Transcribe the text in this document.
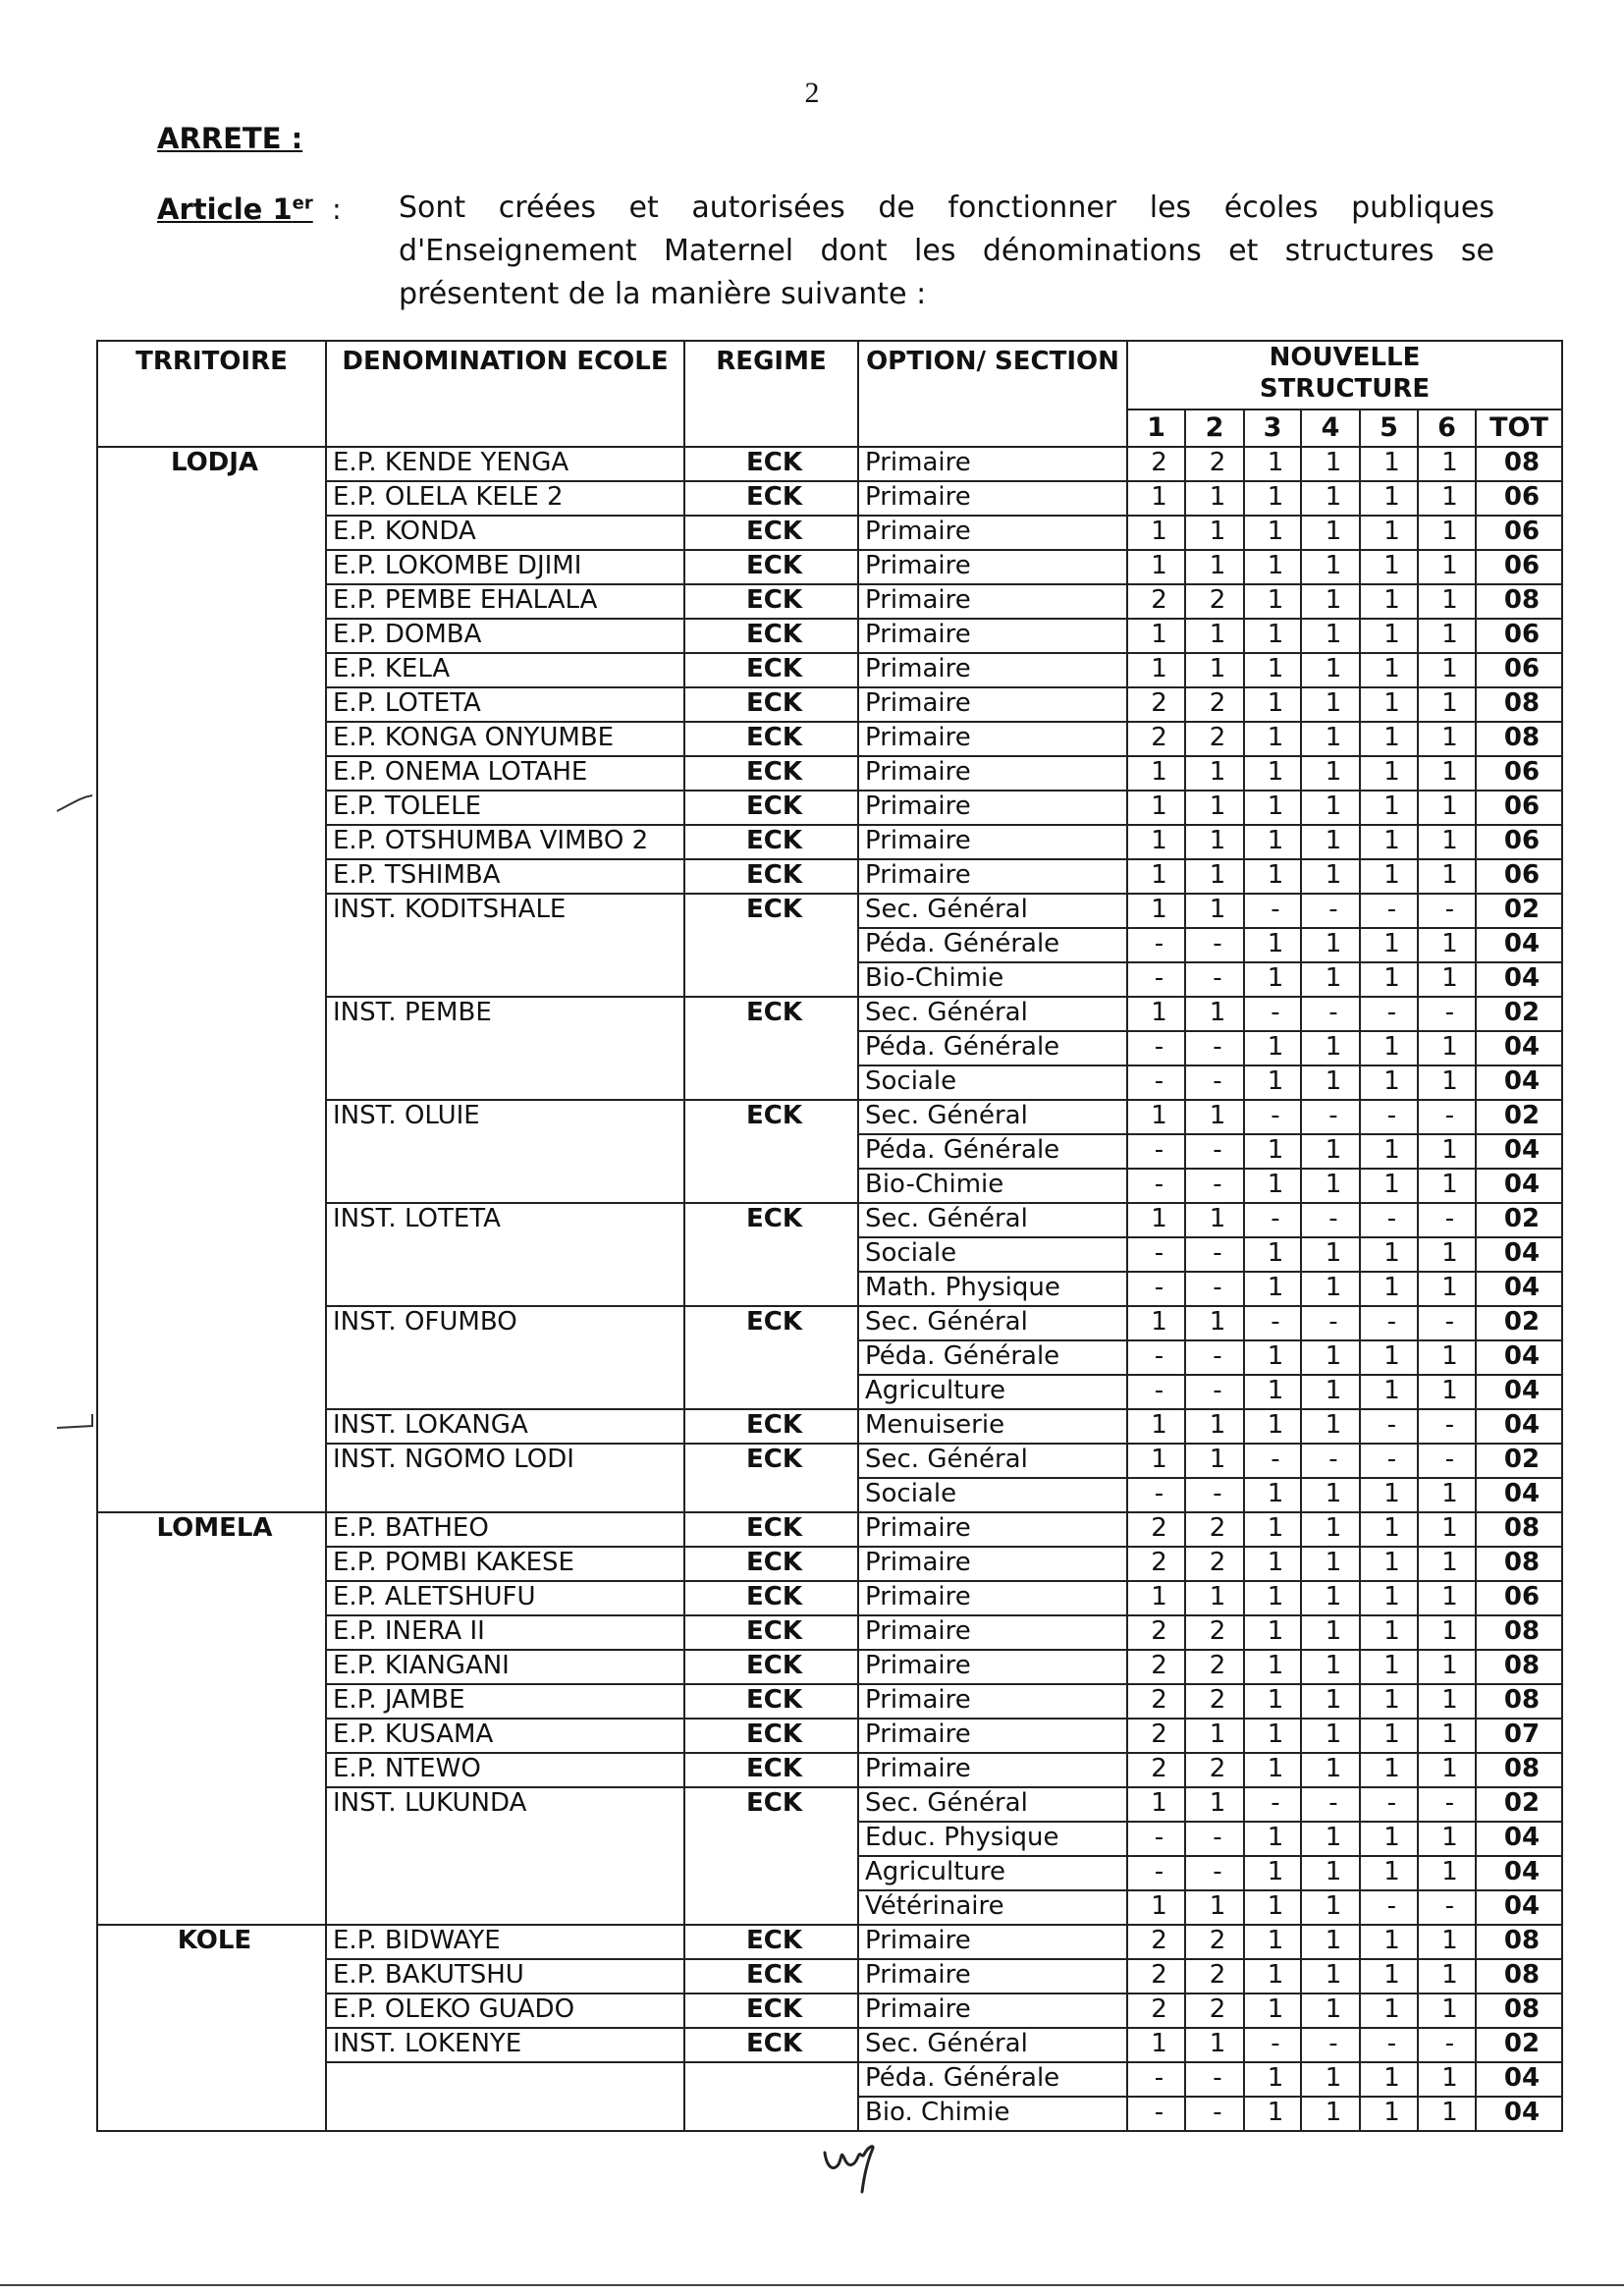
2
ARRETE :
Article 1er : Sont créées et autorisées de fonctionner les écoles publiques d'Enseignement Maternel dont les dénominations et structures se présentent de la manière suivante :
TRRITOIRE	DENOMINATION ECOLE	REGIME	OPTION/ SECTION	NOUVELLE STRUCTURE						
				1	2	3	4	5	6	TOT
LODJA	E.P. KENDE YENGA	ECK	Primaire	2	2	1	1	1	1	08
	E.P. OLELA KELE 2	ECK	Primaire	1	1	1	1	1	1	06
	E.P. KONDA	ECK	Primaire	1	1	1	1	1	1	06
	E.P. LOKOMBE DJIMI	ECK	Primaire	1	1	1	1	1	1	06
	E.P. PEMBE EHALALA	ECK	Primaire	2	2	1	1	1	1	08
	E.P. DOMBA	ECK	Primaire	1	1	1	1	1	1	06
	E.P. KELA	ECK	Primaire	1	1	1	1	1	1	06
	E.P. LOTETA	ECK	Primaire	2	2	1	1	1	1	08
	E.P. KONGA ONYUMBE	ECK	Primaire	2	2	1	1	1	1	08
	E.P. ONEMA LOTAHE	ECK	Primaire	1	1	1	1	1	1	06
	E.P. TOLELE	ECK	Primaire	1	1	1	1	1	1	06
	E.P. OTSHUMBA VIMBO 2	ECK	Primaire	1	1	1	1	1	1	06
	E.P. TSHIMBA	ECK	Primaire	1	1	1	1	1	1	06
	INST. KODITSHALE	ECK	Sec. Général	1	1	-	-	-	-	02
			Péda. Générale	-	-	1	1	1	1	04
			Bio-Chimie	-	-	1	1	1	1	04
	INST. PEMBE	ECK	Sec. Général	1	1	-	-	-	-	02
			Péda. Générale	-	-	1	1	1	1	04
			Sociale	-	-	1	1	1	1	04
	INST. OLUIE	ECK	Sec. Général	1	1	-	-	-	-	02
			Péda. Générale	-	-	1	1	1	1	04
			Bio-Chimie	-	-	1	1	1	1	04
	INST. LOTETA	ECK	Sec. Général	1	1	-	-	-	-	02
			Sociale	-	-	1	1	1	1	04
			Math. Physique	-	-	1	1	1	1	04
	INST. OFUMBO	ECK	Sec. Général	1	1	-	-	-	-	02
			Péda. Générale	-	-	1	1	1	1	04
			Agriculture	-	-	1	1	1	1	04
	INST. LOKANGA	ECK	Menuiserie	1	1	1	1	-	-	04
	INST. NGOMO LODI	ECK	Sec. Général	1	1	-	-	-	-	02
			Sociale	-	-	1	1	1	1	04
LOMELA	E.P. BATHEO	ECK	Primaire	2	2	1	1	1	1	08
	E.P. POMBI KAKESE	ECK	Primaire	2	2	1	1	1	1	08
	E.P. ALETSHUFU	ECK	Primaire	1	1	1	1	1	1	06
	E.P. INERA II	ECK	Primaire	2	2	1	1	1	1	08
	E.P. KIANGANI	ECK	Primaire	2	2	1	1	1	1	08
	E.P. JAMBE	ECK	Primaire	2	2	1	1	1	1	08
	E.P. KUSAMA	ECK	Primaire	2	1	1	1	1	1	07
	E.P. NTEWO	ECK	Primaire	2	2	1	1	1	1	08
	INST. LUKUNDA	ECK	Sec. Général	1	1	-	-	-	-	02
			Educ. Physique	-	-	1	1	1	1	04
			Agriculture	-	-	1	1	1	1	04
			Vétérinaire	1	1	1	1	-	-	04
KOLE	E.P. BIDWAYE	ECK	Primaire	2	2	1	1	1	1	08
	E.P. BAKUTSHU	ECK	Primaire	2	2	1	1	1	1	08
	E.P. OLEKO GUADO	ECK	Primaire	2	2	1	1	1	1	08
	INST. LOKENYE	ECK	Sec. Général	1	1	-	-	-	-	02
			Péda. Générale	-	-	1	1	1	1	04
			Bio. Chimie	-	-	1	1	1	1	04
